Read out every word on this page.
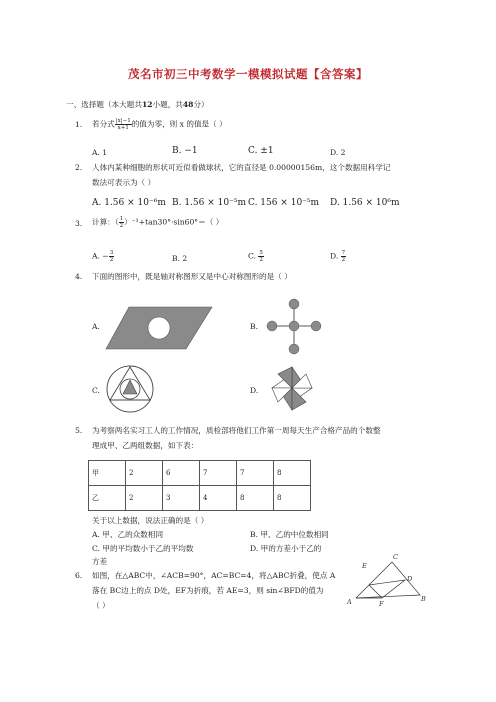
茂名市初三中考数学一模模拟试题【含答案】
一、选择题（本大题共12小题，共48分）
1. 若分式 $\frac{|x|-1}{x+1}$ 的值为零，则 x 的值是（ ）
A. 1	B. −1	C. ±1	D. 2
2. 人体内某种细胞的形状可近似看做球状，它的直径是 0.00000156m，这个数据用科学记
数法可表示为（ ）
A. 1.56 × 10⁻⁶m B. 1.56 × 10⁻⁵m C. 156 × 10⁻⁵m D. 1.56 × 10⁶m
3. 计算：（ $\frac{1}{2} )^{-1}+\tan 30^\circ\cdot\sin 60^\circ=$（ ）
A. − $\frac{3}{2}$	B. 2	C. $\frac{5}{2}$	D. $\frac{7}{2}$
4. 下面的图形中，既是轴对称图形又是中心对称图形的是（ ）
A.	B.
C.	D.
5. 为考察两名实习工人的工作情况，质检部将他们工作第一周每天生产合格产品的个数整
理成甲、乙两组数据，如下表：
甲	2	6	7	7	8
乙	2	3	4	8	8
关于以上数据，说法正确的是（ ）
A. 甲、乙的众数相同	B. 甲、乙的中位数相同
C. 甲的平均数小于乙的平均数	D. 甲的方差小于乙的
方差
6. 如图，在△ABC中，∠ACB=90°，AC=BC=4，将△ABC折叠，使点 A
落在 BC边上的点 D处，EF为折痕，若 AE=3，则 sin∠BFD的值为
（ ）
C
E
D
A	F
B
